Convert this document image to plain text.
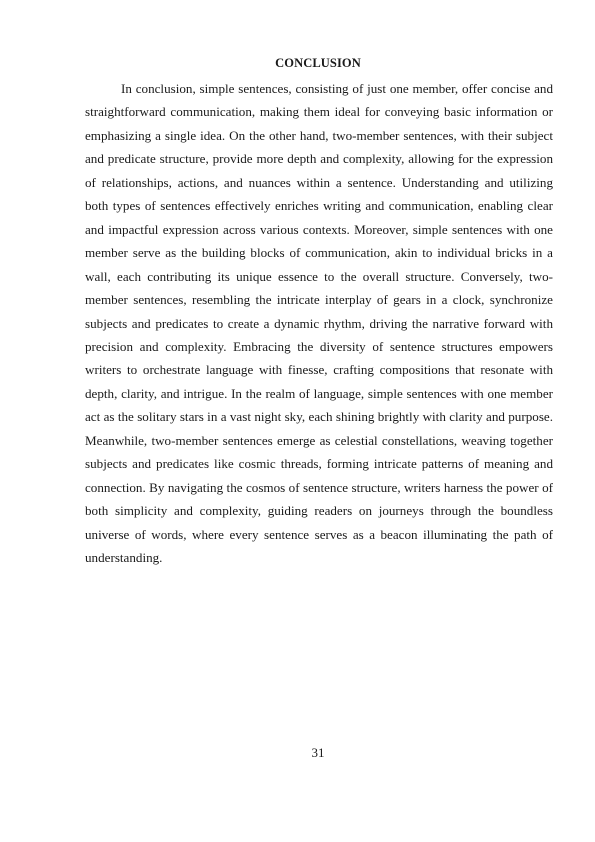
CONCLUSION

In conclusion, simple sentences, consisting of just one member, offer concise and straightforward communication, making them ideal for conveying basic information or emphasizing a single idea. On the other hand, two-member sentences, with their subject and predicate structure, provide more depth and complexity, allowing for the expression of relationships, actions, and nuances within a sentence. Understanding and utilizing both types of sentences effectively enriches writing and communication, enabling clear and impactful expression across various contexts. Moreover, simple sentences with one member serve as the building blocks of communication, akin to individual bricks in a wall, each contributing its unique essence to the overall structure. Conversely, two-member sentences, resembling the intricate interplay of gears in a clock, synchronize subjects and predicates to create a dynamic rhythm, driving the narrative forward with precision and complexity. Embracing the diversity of sentence structures empowers writers to orchestrate language with finesse, crafting compositions that resonate with depth, clarity, and intrigue. In the realm of language, simple sentences with one member act as the solitary stars in a vast night sky, each shining brightly with clarity and purpose. Meanwhile, two-member sentences emerge as celestial constellations, weaving together subjects and predicates like cosmic threads, forming intricate patterns of meaning and connection. By navigating the cosmos of sentence structure, writers harness the power of both simplicity and complexity, guiding readers on journeys through the boundless universe of words, where every sentence serves as a beacon illuminating the path of understanding.

31
